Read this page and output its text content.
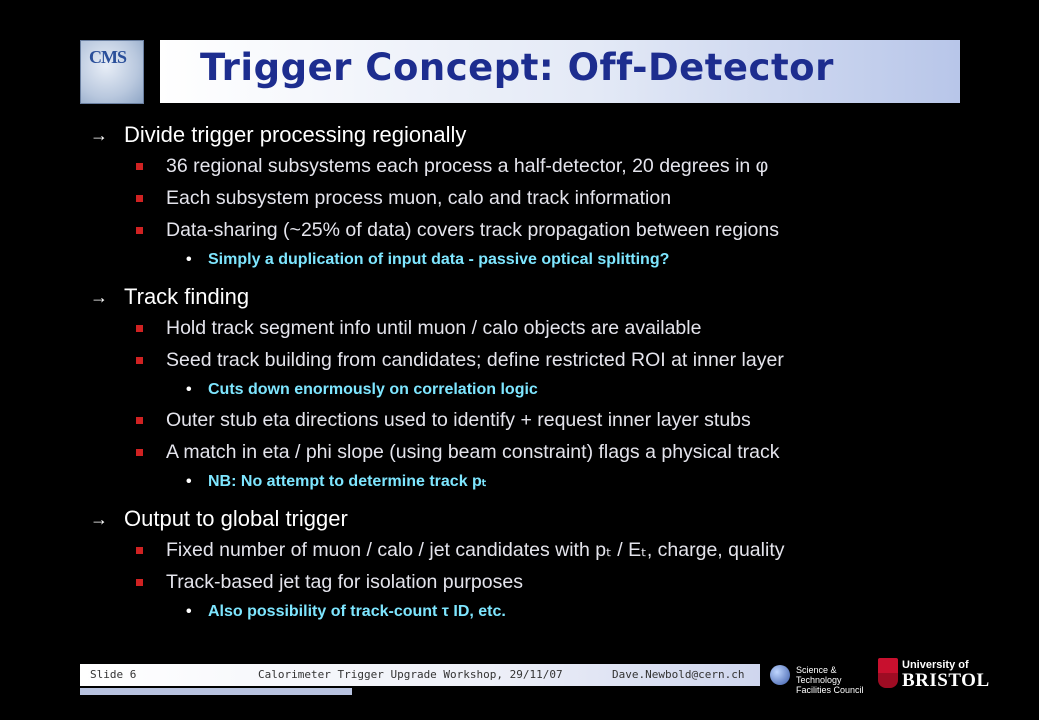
CMS Trigger Concept: Off-Detector
→ Divide trigger processing regionally
36 regional subsystems each process a half-detector, 20 degrees in φ
Each subsystem process muon, calo and track information
Data-sharing (~25% of data) covers track propagation between regions
• Simply a duplication of input data - passive optical splitting?
→ Track finding
Hold track segment info until muon / calo objects are available
Seed track building from candidates; define restricted ROI at inner layer
• Cuts down enormously on correlation logic
Outer stub eta directions used to identify + request inner layer stubs
A match in eta / phi slope (using beam constraint) flags a physical track
• NB: No attempt to determine track pₜ
→ Output to global trigger
Fixed number of muon / calo / jet candidates with pₜ / Eₜ, charge, quality
Track-based jet tag for isolation purposes
• Also possibility of track-count τ ID, etc.
Slide 6	Calorimeter Trigger Upgrade Workshop, 29/11/07	Dave.Newbold@cern.ch	Science & Technology Facilities Council
University of
BRISTOL
